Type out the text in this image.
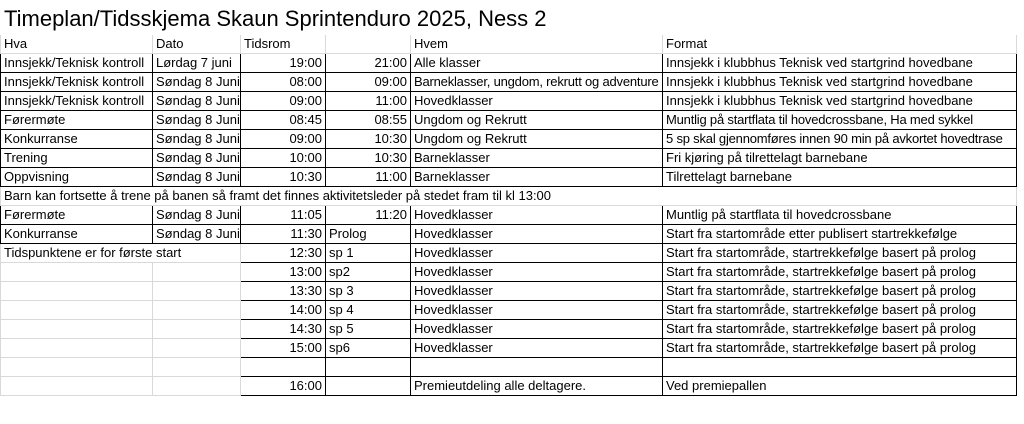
Timeplan/Tidsskjema Skaun Sprintenduro 2025, Ness 2
Hva	Dato	Tidsrom		Hvem	Format
Innsjekk/Teknisk kontroll	Lørdag 7 juni	19:00	21:00	Alle klasser	Innsjekk i klubbhus Teknisk ved startgrind hovedbane
Innsjekk/Teknisk kontroll	Søndag 8 Juni	08:00	09:00	Barneklasser, ungdom, rekrutt og adventure	Innsjekk i klubbhus Teknisk ved startgrind hovedbane
Innsjekk/Teknisk kontroll	Søndag 8 Juni	09:00	11:00	Hovedklasser	Innsjekk i klubbhus Teknisk ved startgrind hovedbane
Førermøte	Søndag 8 Juni	08:45	08:55	Ungdom og Rekrutt	Muntlig på startflata til hovedcrossbane, Ha med sykkel
Konkurranse	Søndag 8 Juni	09:00	10:30	Ungdom og Rekrutt	5 sp skal gjennomføres innen 90 min på avkortet hovedtrase
Trening	Søndag 8 Juni	10:00	10:30	Barneklasser	Fri kjøring på tilrettelagt barnebane
Oppvisning	Søndag 8 Juni	10:30	11:00	Barneklasser	Tilrettelagt barnebane
Barn kan fortsette å trene på banen så framt det finnes aktivitetsleder på stedet fram til kl 13:00					
Førermøte	Søndag 8 Juni	11:05	11:20	Hovedklasser	Muntlig på startflata til hovedcrossbane
Konkurranse	Søndag 8 Juni	11:30	Prolog	Hovedklasser	Start fra startområde etter publisert startrekkefølge
Tidspunktene er for første start		12:30	sp 1	Hovedklasser	Start fra startområde, startrekkefølge basert på prolog
		13:00	sp2	Hovedklasser	Start fra startområde, startrekkefølge basert på prolog
		13:30	sp 3	Hovedklasser	Start fra startområde, startrekkefølge basert på prolog
		14:00	sp 4	Hovedklasser	Start fra startområde, startrekkefølge basert på prolog
		14:30	sp 5	Hovedklasser	Start fra startområde, startrekkefølge basert på prolog
		15:00	sp6	Hovedklasser	Start fra startområde, startrekkefølge basert på prolog

		16:00		Premieutdeling alle deltagere.	Ved premiepallen
